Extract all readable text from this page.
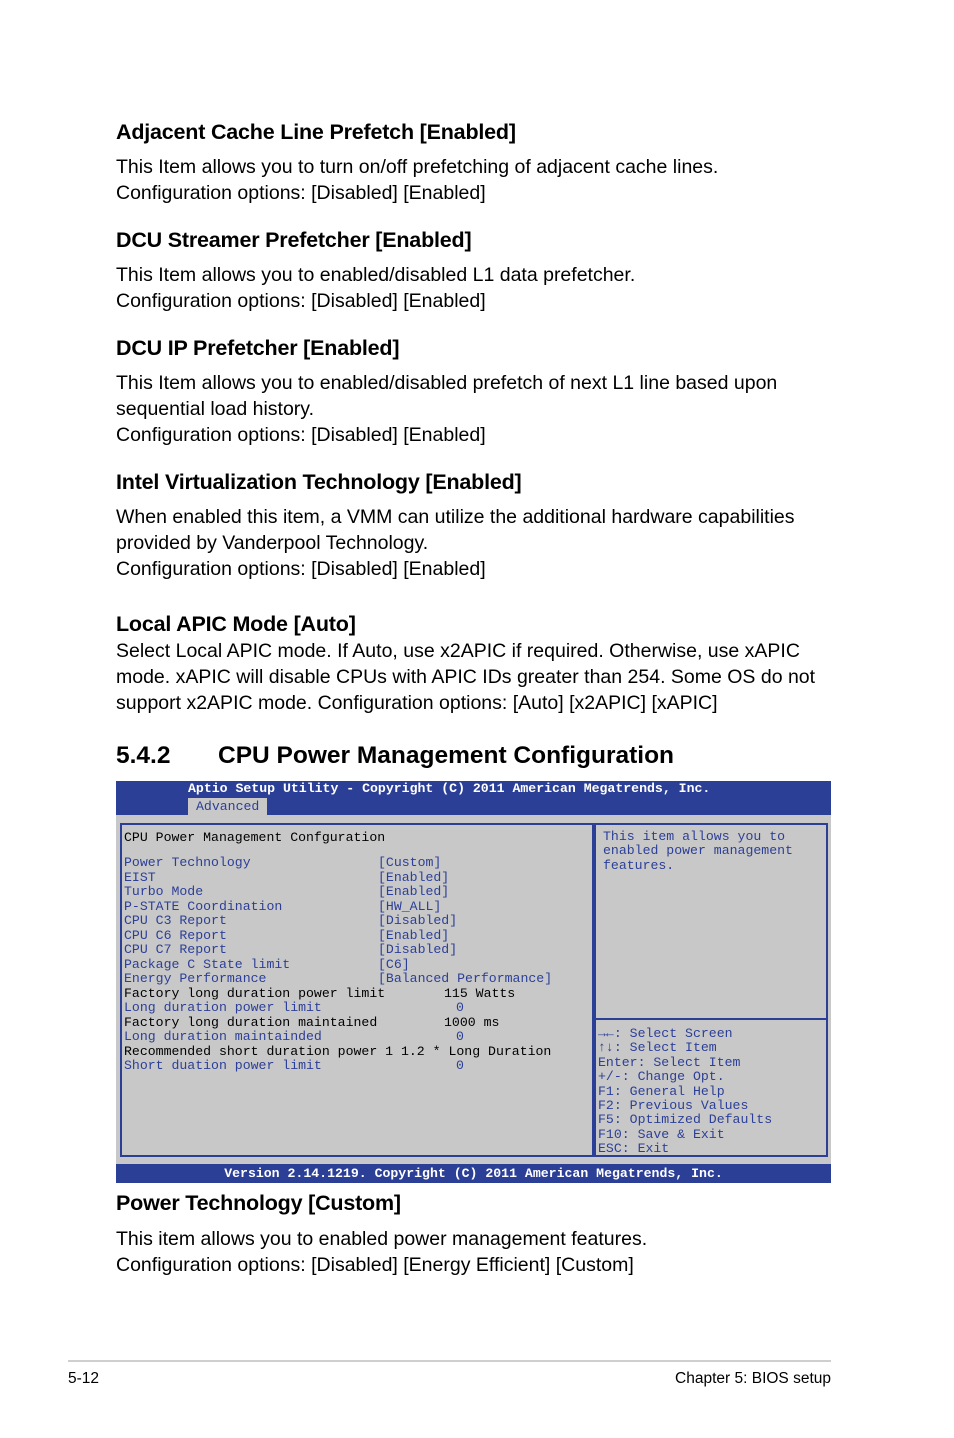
Adjacent Cache Line Prefetch [Enabled]
This Item allows you to turn on/off prefetching of adjacent cache lines.
Configuration options: [Disabled] [Enabled]
DCU Streamer Prefetcher [Enabled]
This Item allows you to enabled/disabled L1 data prefetcher.
Configuration options: [Disabled] [Enabled]
DCU IP Prefetcher [Enabled]
This Item allows you to enabled/disabled prefetch of next L1 line based upon
sequential load history.
Configuration options: [Disabled] [Enabled]
Intel Virtualization Technology [Enabled]
When enabled this item, a VMM can utilize the additional hardware capabilities
provided by Vanderpool Technology.
Configuration options: [Disabled] [Enabled]
Local APIC Mode [Auto]
Select Local APIC mode. If Auto, use x2APIC if required. Otherwise, use xAPIC
mode. xAPIC will disable CPUs with APIC IDs greater than 254. Some OS do not
support x2APIC mode. Configuration options: [Auto] [x2APIC] [xAPIC]
5.4.2 CPU Power Management Configuration
Aptio Setup Utility - Copyright (C) 2011 American Megatrends, Inc.
Advanced
CPU Power Management Confguration
Power Technology	[Custom]
EIST	[Enabled]
Turbo Mode	[Enabled]
P-STATE Coordination	[HW_ALL]
CPU C3 Report	[Disabled]
CPU C6 Report	[Enabled]
CPU C7 Report	[Disabled]
Package C State limit	[C6]
Energy Performance	[Balanced Performance]
Factory long duration power limit	115 Watts
Long duration power limit	0
Factory long duration maintained	1000 ms
Long duration maintainded	0
Recommended short duration power 1 1.2 * Long Duration
Short duation power limit	0
This item allows you to
enabled power management
features.
→←: Select Screen
↑↓: Select Item
Enter: Select Item
+/-: Change Opt.
F1: General Help
F2: Previous Values
F5: Optimized Defaults
F10: Save & Exit
ESC: Exit
Version 2.14.1219. Copyright (C) 2011 American Megatrends, Inc.
Power Technology [Custom]
This item allows you to enabled power management features.
Configuration options: [Disabled] [Energy Efficient] [Custom]
5-12	Chapter 5: BIOS setup
